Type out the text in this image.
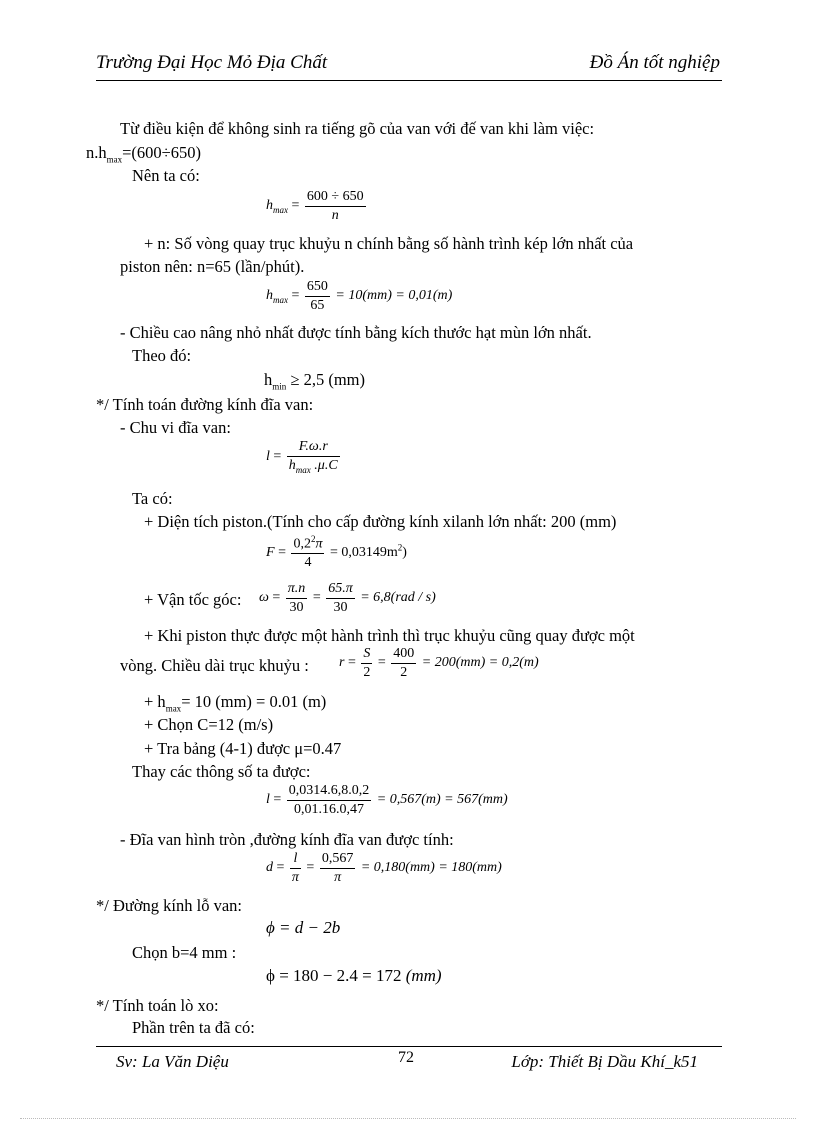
Trường Đại Học Mỏ Địa Chất	Đồ Án tốt nghiệp
Từ điều kiện để không sinh ra tiếng gõ của van với đế van khi làm việc:
$n.h_{max}=(600\div 650)$
Nên ta có:
$h_{max} = \frac{600 \div 650}{n}$
+ n: Số vòng quay trục khuỷu n chính bằng số hành trình kép lớn nhất của
piston nên: n=65 (lần/phút).
$h_{max} = \frac{650}{65} = 10(mm) = 0,01(m)$
- Chiều cao nâng nhỏ nhất được tính bằng kích thước hạt mùn lớn nhất.
Theo đó:
$h_{min} \ge 2,5$ (mm)
*/ Tính toán đường kính đĩa van:
- Chu vi đĩa van:
$l = \frac{F.\omega.r}{h_{max} .\mu.C}$
Ta có:
+ Diện tích piston.(Tính cho cấp đường kính xilanh lớn nhất: 200 (mm)
$F = \frac{0,2^2\pi}{4} = 0,03149m^2$)
+ Vận tốc góc: $\omega = \frac{\pi.n}{30} = \frac{65.\pi}{30} = 6,8(rad / s)$
+ Khi piston thực được một hành trình thì trục khuỷu cũng quay được một
vòng. Chiều dài trục khuỷu : $r = \frac{S}{2} = \frac{400}{2} = 200(mm) = 0,2(m)$
+ $h_{max}= 10$ (mm) = 0.01 (m)
+ Chọn C=12 (m/s)
+ Tra bảng (4-1) được μ=0.47
Thay các thông số ta được:
$l = \frac{0,0314.6,8.0,2}{0,01.16.0,47} = 0,567(m) = 567(mm)$
- Đĩa van hình tròn ,đường kính đĩa van được tính:
$d = \frac{l}{\pi} = \frac{0,567}{\pi} = 0,180(mm) = 180(mm)$
*/ Đường kính lỗ van:
ϕ = d − 2b
Chọn b=4 mm :
ϕ = 180 − 2.4 = 172 (mm)
*/ Tính toán lò xo:
Phần trên ta đã có:
Sv: La Văn Diệu	72	Lớp: Thiết Bị Dầu Khí_k51
